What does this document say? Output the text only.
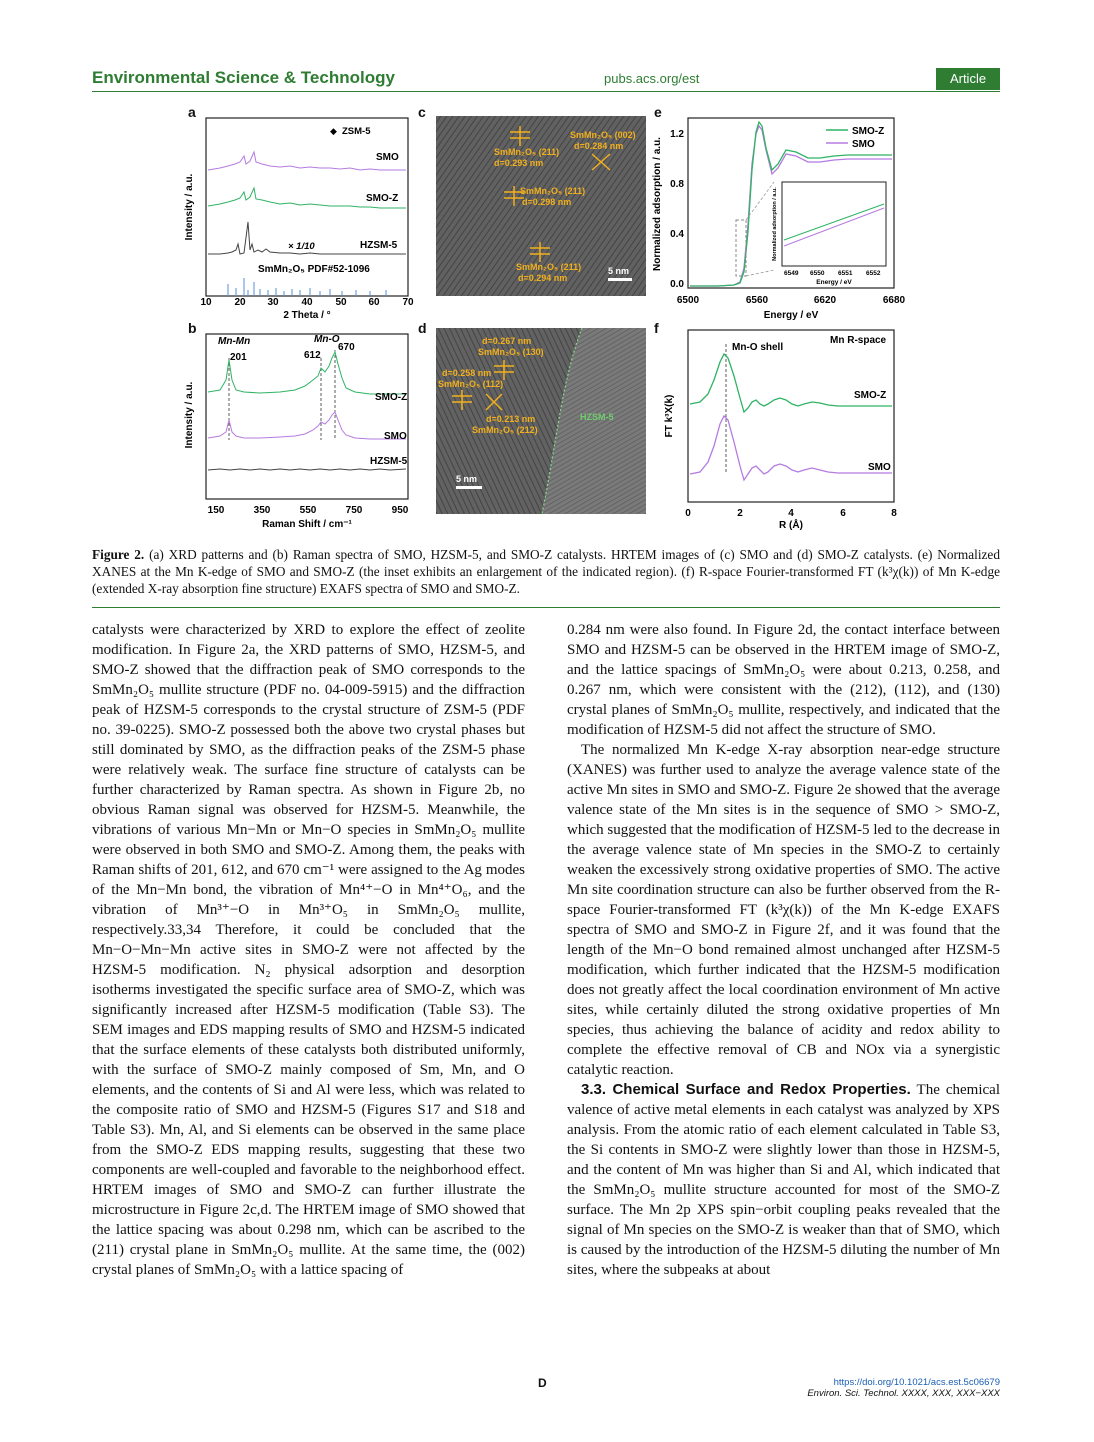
Environmental Science & Technology	pubs.acs.org/est	Article
a
Intensity / a.u.
2 Theta / °
10 20 30 40 50 60 70
◆ ZSM-5
SMO
SMO-Z
× 1/10	HZSM-5
SmMn₂O₅ PDF#52-1096
b
Intensity / a.u.
Raman Shift / cm⁻¹
150	350	550	750	950
Mn-Mn	Mn-O
201	612
670
SMO-Z
SMO
HZSM-5
c
SmMn₂O₅ (211)
d=0.293 nm
SmMn₂O₅ (002)
d=0.284 nm
SmMn₂O₅ (211)
d=0.298 nm
SmMn₂O₅ (211)
d=0.294 nm
5 nm
d
d=0.267 nm
SmMn₂O₅ (130)
d=0.258 nm
SmMn₂O₅ (112)
d=0.213 nm
SmMn₂O₅ (212)
HZSM-5
5 nm
e
Normalized adsorption / a.u.
Energy / eV
0.0
0.4
0.8
1.2
6500	6560	6620	6680
SMO-Z
SMO
Normalized adsorption / a.u.
6549 6550 6551 6552
Energy / eV
f
FT k³X(k)
R (Å)
0	2	4	6	8
Mn R-space
Mn-O shell
SMO-Z
SMO
Figure 2. (a) XRD patterns and (b) Raman spectra of SMO, HZSM-5, and SMO-Z catalysts. HRTEM images of (c) SMO and (d) SMO-Z catalysts. (e) Normalized XANES at the Mn K-edge of SMO and SMO-Z (the inset exhibits an enlargement of the indicated region). (f) R-space Fourier-transformed FT (k³χ(k)) of Mn K-edge (extended X-ray absorption fine structure) EXAFS spectra of SMO and SMO-Z.

catalysts were characterized by XRD to explore the effect of zeolite modification. In Figure 2a, the XRD patterns of SMO, HZSM-5, and SMO-Z showed that the diffraction peak of SMO corresponds to the SmMn₂O₅ mullite structure (PDF no. 04-009-5915) and the diffraction peak of HZSM-5 corresponds to the crystal structure of ZSM-5 (PDF no. 39-0225). SMO-Z possessed both the above two crystal phases but still dominated by SMO, as the diffraction peaks of the ZSM-5 phase were relatively weak. The surface fine structure of catalysts can be further characterized by Raman spectra. As shown in Figure 2b, no obvious Raman signal was observed for HZSM-5. Meanwhile, the vibrations of various Mn−Mn or Mn−O species in SmMn₂O₅ mullite were observed in both SMO and SMO-Z. Among them, the peaks with Raman shifts of 201, 612, and 670 cm⁻¹ were assigned to the Ag modes of the Mn−Mn bond, the vibration of Mn⁴⁺−O in Mn⁴⁺O₆, and the vibration of Mn³⁺−O in Mn³⁺O₅ in SmMn₂O₅ mullite, respectively.33,34 Therefore, it could be concluded that the Mn−O−Mn−Mn active sites in SMO-Z were not affected by the HZSM-5 modification. N₂ physical adsorption and desorption isotherms investigated the specific surface area of SMO-Z, which was significantly increased after HZSM-5 modification (Table S3). The SEM images and EDS mapping results of SMO and HZSM-5 indicated that the surface elements of these catalysts both distributed uniformly, with the surface of SMO-Z mainly composed of Sm, Mn, and O elements, and the contents of Si and Al were less, which was related to the composite ratio of SMO and HZSM-5 (Figures S17 and S18 and Table S3). Mn, Al, and Si elements can be observed in the same place from the SMO-Z EDS mapping results, suggesting that these two components are well-coupled and favorable to the neighborhood effect. HRTEM images of SMO and SMO-Z can further illustrate the microstructure in Figure 2c,d. The HRTEM image of SMO showed that the lattice spacing was about 0.298 nm, which can be ascribed to the (211) crystal plane in SmMn₂O₅ mullite. At the same time, the (002) crystal planes of SmMn₂O₅ with a lattice spacing of

0.284 nm were also found. In Figure 2d, the contact interface between SMO and HZSM-5 can be observed in the HRTEM image of SMO-Z, and the lattice spacings of SmMn₂O₅ were about 0.213, 0.258, and 0.267 nm, which were consistent with the (212), (112), and (130) crystal planes of SmMn₂O₅ mullite, respectively, and indicated that the modification of HZSM-5 did not affect the structure of SMO.

The normalized Mn K-edge X-ray absorption near-edge structure (XANES) was further used to analyze the average valence state of the active Mn sites in SMO and SMO-Z. Figure 2e showed that the average valence state of the Mn sites is in the sequence of SMO > SMO-Z, which suggested that the modification of HZSM-5 led to the decrease in the average valence state of Mn species in the SMO-Z to certainly weaken the excessively strong oxidative properties of SMO. The active Mn site coordination structure can also be further observed from the R-space Fourier-transformed FT (k³χ(k)) of the Mn K-edge EXAFS spectra of SMO and SMO-Z in Figure 2f, and it was found that the length of the Mn−O bond remained almost unchanged after HZSM-5 modification, which further indicated that the HZSM-5 modification does not greatly affect the local coordination environment of Mn active sites, while certainly diluted the strong oxidative properties of Mn species, thus achieving the balance of acidity and redox ability to complete the effective removal of CB and NOx via a synergistic catalytic reaction.

3.3. Chemical Surface and Redox Properties. The chemical valence of active metal elements in each catalyst was analyzed by XPS analysis. From the atomic ratio of each element calculated in Table S3, the Si contents in SMO-Z were slightly lower than those in HZSM-5, and the content of Mn was higher than Si and Al, which indicated that the SmMn₂O₅ mullite structure accounted for most of the SMO-Z surface. The Mn 2p XPS spin−orbit coupling peaks revealed that the signal of Mn species on the SMO-Z is weaker than that of SMO, which is caused by the introduction of the HZSM-5 diluting the number of Mn sites, where the subpeaks at about

D	https://doi.org/10.1021/acs.est.5c06679
Environ. Sci. Technol. XXXX, XXX, XXX−XXX
